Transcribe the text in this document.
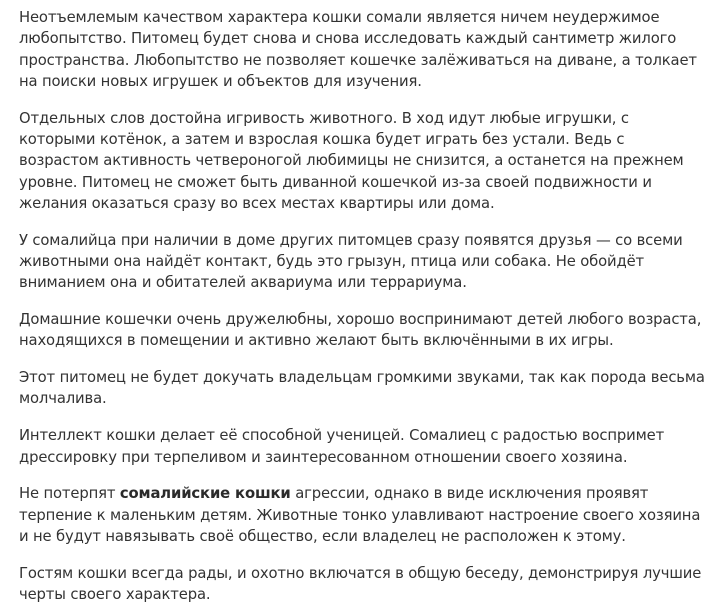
Неотъемлемым качеством характера кошки сомали является ничем неудержимое любопытство. Питомец будет снова и снова исследовать каждый сантиметр жилого пространства. Любопытство не позволяет кошечке залёживаться на диване, а толкает на поиски новых игрушек и объектов для изучения.

Отдельных слов достойна игривость животного. В ход идут любые игрушки, с которыми котёнок, а затем и взрослая кошка будет играть без устали. Ведь с возрастом активность четвероногой любимицы не снизится, а останется на прежнем уровне. Питомец не сможет быть диванной кошечкой из-за своей подвижности и желания оказаться сразу во всех местах квартиры или дома.

У сомалийца при наличии в доме других питомцев сразу появятся друзья — со всеми животными она найдёт контакт, будь это грызун, птица или собака. Не обойдёт вниманием она и обитателей аквариума или террариума.

Домашние кошечки очень дружелюбны, хорошо воспринимают детей любого возраста, находящихся в помещении и активно желают быть включёнными в их игры.

Этот питомец не будет докучать владельцам громкими звуками, так как порода весьма молчалива.

Интеллект кошки делает её способной ученицей. Сомалиец с радостью воспримет дрессировку при терпеливом и заинтересованном отношении своего хозяина.

Не потерпят сомалийские кошки агрессии, однако в виде исключения проявят терпение к маленьким детям. Животные тонко улавливают настроение своего хозяина и не будут навязывать своё общество, если владелец не расположен к этому.

Гостям кошки всегда рады, и охотно включатся в общую беседу, демонстрируя лучшие черты своего характера.
